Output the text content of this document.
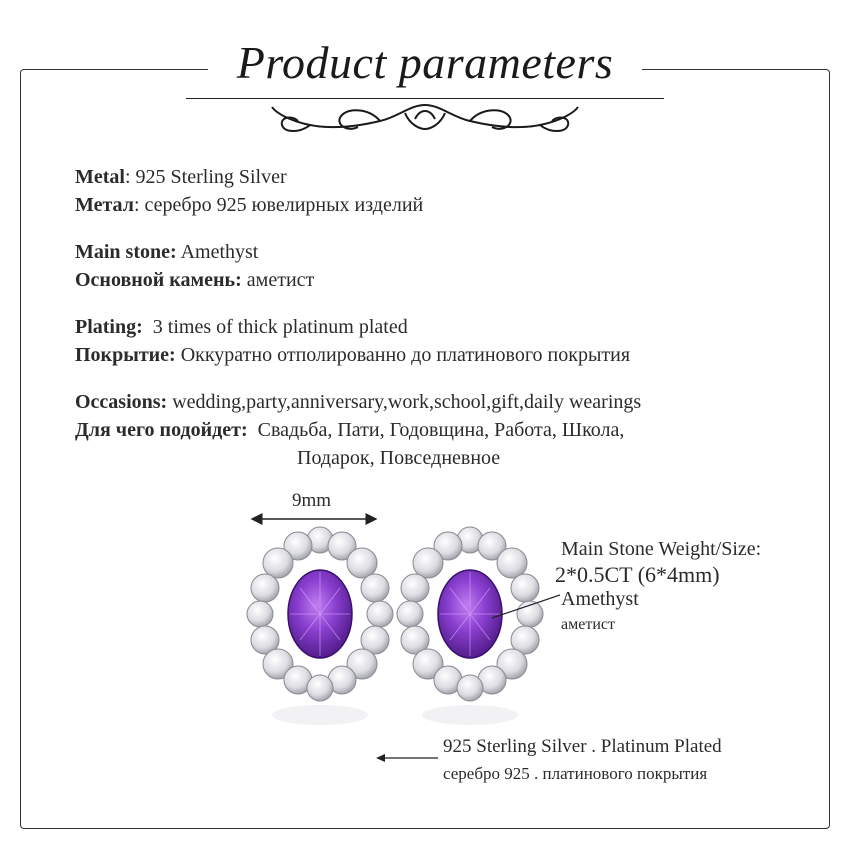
Product parameters
Metal: 925 Sterling Silver
Метал: серебро 925 ювелирных изделий
Main stone: Amethyst
Основной камень: аметист
Plating: 3 times of thick platinum plated
Покрытие: Оккуратно отполированно до платинового покрытия
Occasions: wedding,party,anniversary,work,school,gift,daily wearings
Для чего подойдет: Свадьба, Пати, Годовщина, Работа, Школа,
Подарок, Повседневное
9mm
Main Stone Weight/Size:
2*0.5CT (6*4mm)
Amethyst
аметист
925 Sterling Silver . Platinum Plated
серебро 925 . платинового покрытия
